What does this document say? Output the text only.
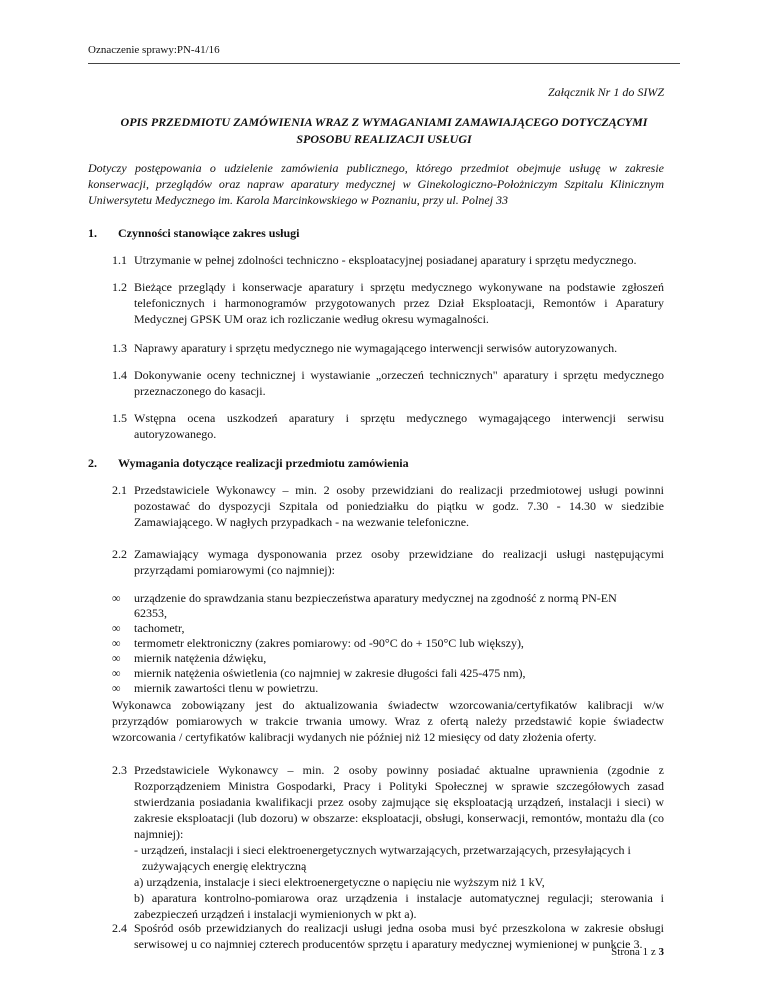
Oznaczenie sprawy:PN-41/16
Załącznik Nr 1 do SIWZ
OPIS PRZEDMIOTU ZAMÓWIENIA WRAZ Z WYMAGANIAMI ZAMAWIAJĄCEGO DOTYCZĄCYMI
SPOSOBU REALIZACJI USŁUGI
Dotyczy postępowania o udzielenie zamówienia publicznego, którego przedmiot obejmuje usługę w zakresie konserwacji, przeglądów oraz napraw aparatury medycznej w Ginekologiczno-Położniczym Szpitalu Klinicznym Uniwersytetu Medycznego im. Karola Marcinkowskiego w Poznaniu, przy ul. Polnej 33
1. Czynności stanowiące zakres usługi
1.1 Utrzymanie w pełnej zdolności techniczno - eksploatacyjnej posiadanej aparatury i sprzętu medycznego.
1.2 Bieżące przeglądy i konserwacje aparatury i sprzętu medycznego wykonywane na podstawie zgłoszeń telefonicznych i harmonogramów przygotowanych przez Dział Eksploatacji, Remontów i Aparatury Medycznej GPSK UM oraz ich rozliczanie według okresu wymagalności.
1.3 Naprawy aparatury i sprzętu medycznego nie wymagającego interwencji serwisów autoryzowanych.
1.4 Dokonywanie oceny technicznej i wystawianie „orzeczeń technicznych" aparatury i sprzętu medycznego przeznaczonego do kasacji.
1.5 Wstępna ocena uszkodzeń aparatury i sprzętu medycznego wymagającego interwencji serwisu autoryzowanego.
2. Wymagania dotyczące realizacji przedmiotu zamówienia
2.1 Przedstawiciele Wykonawcy – min. 2 osoby przewidziani do realizacji przedmiotowej usługi powinni pozostawać do dyspozycji Szpitala od poniedziałku do piątku w godz. 7.30 - 14.30 w siedzibie Zamawiającego. W nagłych przypadkach - na wezwanie telefoniczne.
2.2 Zamawiający wymaga dysponowania przez osoby przewidziane do realizacji usługi następującymi przyrządami pomiarowymi (co najmniej):
∞	urządzenie do sprawdzania stanu bezpieczeństwa aparatury medycznej na zgodność z normą PN-EN 62353,
∞	tachometr,
∞	termometr elektroniczny (zakres pomiarowy: od -90°C do + 150°C lub większy),
∞	miernik natężenia dźwięku,
∞	miernik natężenia oświetlenia (co najmniej w zakresie długości fali 425-475 nm),
∞	miernik zawartości tlenu w powietrzu.
Wykonawca zobowiązany jest do aktualizowania świadectw wzorcowania/certyfikatów kalibracji w/w przyrządów pomiarowych w trakcie trwania umowy. Wraz z ofertą należy przedstawić kopie świadectw wzorcowania / certyfikatów kalibracji wydanych nie później niż 12 miesięcy od daty złożenia oferty.
2.3 Przedstawiciele Wykonawcy – min. 2 osoby powinny posiadać aktualne uprawnienia (zgodnie z Rozporządzeniem Ministra Gospodarki, Pracy i Polityki Społecznej w sprawie szczegółowych zasad stwierdzania posiadania kwalifikacji przez osoby zajmujące się eksploatacją urządzeń, instalacji i sieci) w zakresie eksploatacji (lub dozoru) w obszarze: eksploatacji, obsługi, konserwacji, remontów, montażu dla (co najmniej):
- urządzeń, instalacji i sieci elektroenergetycznych wytwarzających, przetwarzających, przesyłających i
zużywających energię elektryczną
a) urządzenia, instalacje i sieci elektroenergetyczne o napięciu nie wyższym niż 1 kV,
b) aparatura kontrolno-pomiarowa oraz urządzenia i instalacje automatycznej regulacji; sterowania i zabezpieczeń urządzeń i instalacji wymienionych w pkt a).
2.4 Spośród osób przewidzianych do realizacji usługi jedna osoba musi być przeszkolona w zakresie obsługi serwisowej u co najmniej czterech producentów sprzętu i aparatury medycznej wymienionej w punkcie 3.
Strona 1 z 3
